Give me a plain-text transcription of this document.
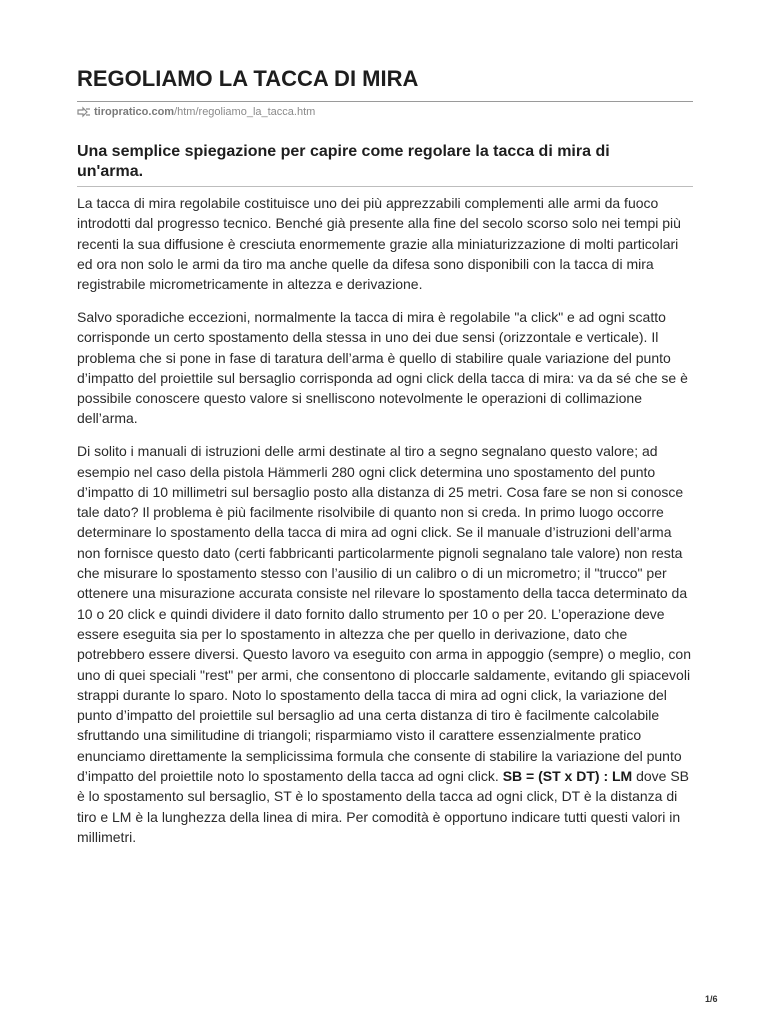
REGOLIAMO LA TACCA DI MIRA
tiropratico.com /htm/regoliamo_la_tacca.htm
Una semplice spiegazione per capire come regolare la tacca di mira di un'arma.

La tacca di mira regolabile costituisce uno dei più apprezzabili complementi alle armi da fuoco introdotti dal progresso tecnico. Benché già presente alla fine del secolo scorso solo nei tempi più recenti la sua diffusione è cresciuta enormemente grazie alla miniaturizzazione di molti particolari ed ora non solo le armi da tiro ma anche quelle da difesa sono disponibili con la tacca di mira registrabile micrometricamente in altezza e derivazione.

Salvo sporadiche eccezioni, normalmente la tacca di mira è regolabile "a click" e ad ogni scatto corrisponde un certo spostamento della stessa in uno dei due sensi (orizzontale e verticale). Il problema che si pone in fase di taratura dell’arma è quello di stabilire quale variazione del punto d’impatto del proiettile sul bersaglio corrisponda ad ogni click della tacca di mira: va da sé che se è possibile conoscere questo valore si snelliscono notevolmente le operazioni di collimazione dell’arma.

Di solito i manuali di istruzioni delle armi destinate al tiro a segno segnalano questo valore; ad esempio nel caso della pistola Hämmerli 280 ogni click determina uno spostamento del punto d’impatto di 10 millimetri sul bersaglio posto alla distanza di 25 metri. Cosa fare se non si conosce tale dato? Il problema è più facilmente risolvibile di quanto non si creda. In primo luogo occorre determinare lo spostamento della tacca di mira ad ogni click. Se il manuale d’istruzioni dell’arma non fornisce questo dato (certi fabbricanti particolarmente pignoli segnalano tale valore) non resta che misurare lo spostamento stesso con l’ausilio di un calibro o di un micrometro; il "trucco" per ottenere una misurazione accurata consiste nel rilevare lo spostamento della tacca determinato da 10 o 20 click e quindi dividere il dato fornito dallo strumento per 10 o per 20. L’operazione deve essere eseguita sia per lo spostamento in altezza che per quello in derivazione, dato che potrebbero essere diversi. Questo lavoro va eseguito con arma in appoggio (sempre) o meglio, con uno di quei speciali "rest" per armi, che consentono di ploccarle saldamente, evitando gli spiacevoli strappi durante lo sparo. Noto lo spostamento della tacca di mira ad ogni click, la variazione del punto d’impatto del proiettile sul bersaglio ad una certa distanza di tiro è facilmente calcolabile sfruttando una similitudine di triangoli; risparmiamo visto il carattere essenzialmente pratico enunciamo direttamente la semplicissima formula che consente di stabilire la variazione del punto d’impatto del proiettile noto lo spostamento della tacca ad ogni click. SB = (ST x DT) : LM dove SB è lo spostamento sul bersaglio, ST è lo spostamento della tacca ad ogni click, DT è la distanza di tiro e LM è la lunghezza della linea di mira. Per comodità è opportuno indicare tutti questi valori in millimetri.

1/6
